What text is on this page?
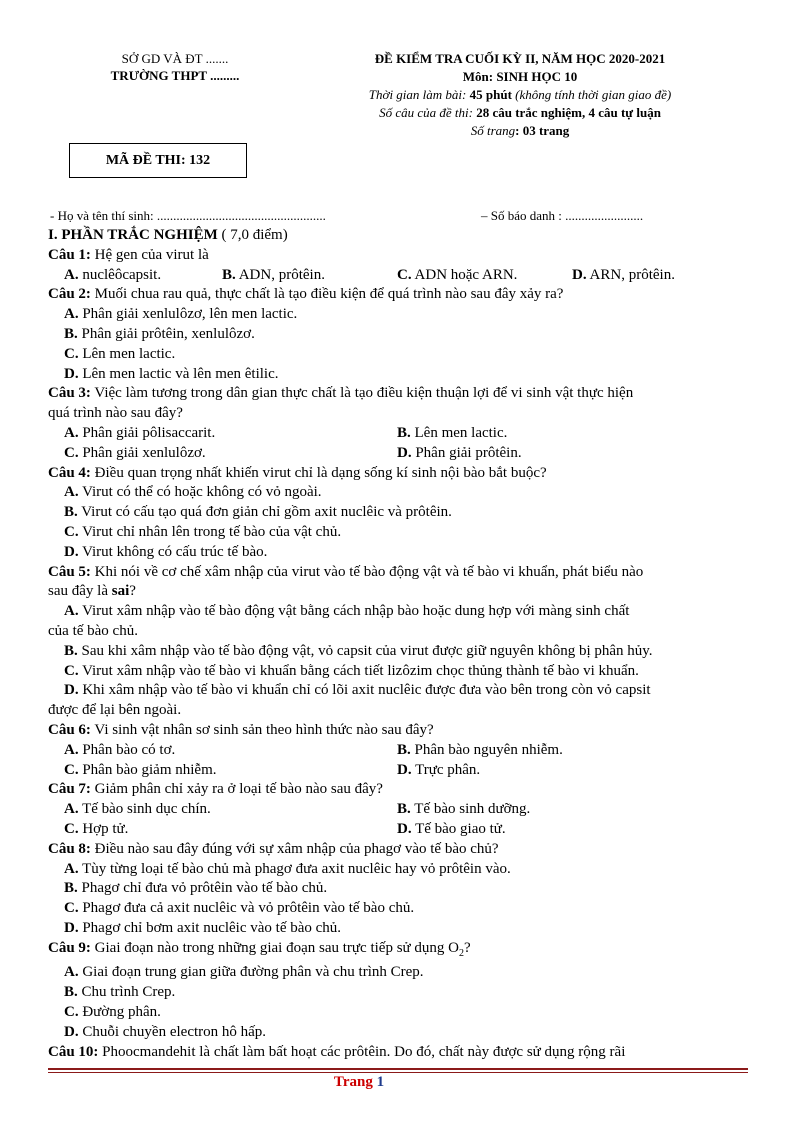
SỞ GD VÀ ĐT .......
TRƯỜNG THPT .........
ĐỀ KIỂM TRA CUỐI KỲ II, NĂM HỌC 2020-2021
Môn: SINH HỌC 10
Thời gian làm bài: 45 phút (không tính thời gian giao đề)
Số câu của đề thi: 28 câu trắc nghiệm, 4 câu tự luận
Số trang: 03 trang
MÃ ĐỀ THI: 132
- Họ và tên thí sinh: ....................................................	– Số báo danh : ........................
I. PHẦN TRẮC NGHIỆM ( 7,0 điểm)
Câu 1: Hệ gen của virut là
A. nuclêôcapsit.	B. ADN, prôtêin.	C. ADN hoặc ARN.	D. ARN, prôtêin.
Câu 2: Muối chua rau quả, thực chất là tạo điều kiện để quá trình nào sau đây xảy ra?
A. Phân giải xenlulôzơ, lên men lactic.
B. Phân giải prôtêin, xenlulôzơ.
C. Lên men lactic.
D. Lên men lactic và lên men êtilic.
Câu 3: Việc làm tương trong dân gian thực chất là tạo điều kiện thuận lợi để vi sinh vật thực hiện
quá trình nào sau đây?
A. Phân giải pôlisaccarit.	B. Lên men lactic.
C. Phân giải xenlulôzơ.	D. Phân giải prôtêin.
Câu 4: Điều quan trọng nhất khiến virut chỉ là dạng sống kí sinh nội bào bắt buộc?
A. Virut có thể có hoặc không có vỏ ngoài.
B. Virut có cấu tạo quá đơn giản chỉ gồm axit nuclêic và prôtêin.
C. Virut chỉ nhân lên trong tế bào của vật chủ.
D. Virut không có cấu trúc tế bào.
Câu 5: Khi nói về cơ chế xâm nhập của virut vào tế bào động vật và tế bào vi khuẩn, phát biểu nào
sau đây là sai?
A. Virut xâm nhập vào tế bào động vật bằng cách nhập bào hoặc dung hợp với màng sinh chất
của tế bào chủ.
B. Sau khi xâm nhập vào tế bào động vật, vỏ capsit của virut được giữ nguyên không bị phân hủy.
C. Virut xâm nhập vào tế bào vi khuẩn bằng cách tiết lizôzim chọc thủng thành tế bào vi khuẩn.
D. Khi xâm nhập vào tế bào vi khuẩn chỉ có lõi axit nuclêic được đưa vào bên trong còn vỏ capsit
được để lại bên ngoài.
Câu 6: Vi sinh vật nhân sơ sinh sản theo hình thức nào sau đây?
A. Phân bào có tơ.	B. Phân bào nguyên nhiễm.
C. Phân bào giảm nhiễm.	D. Trực phân.
Câu 7: Giảm phân chỉ xảy ra ở loại tế bào nào sau đây?
A. Tế bào sinh dục chín.	B. Tế bào sinh dưỡng.
C. Hợp tử.	D. Tế bào giao tử.
Câu 8: Điều nào sau đây đúng với sự xâm nhập của phagơ vào tế bào chủ?
A. Tùy từng loại tế bào chủ mà phagơ đưa axit nuclêic hay vỏ prôtêin vào.
B. Phagơ chỉ đưa vỏ prôtêin vào tế bào chủ.
C. Phagơ đưa cả axit nuclêic và vỏ prôtêin vào tế bào chủ.
D. Phagơ chỉ bơm axit nuclêic vào tế bào chủ.
Câu 9: Giai đoạn nào trong những giai đoạn sau trực tiếp sử dụng $O_2$?
A. Giai đoạn trung gian giữa đường phân và chu trình Crep.
B. Chu trình Crep.
C. Đường phân.
D. Chuỗi chuyền electron hô hấp.
Câu 10: Phoocmandehit là chất làm bất hoạt các prôtêin. Do đó, chất này được sử dụng rộng rãi
Trang 1
